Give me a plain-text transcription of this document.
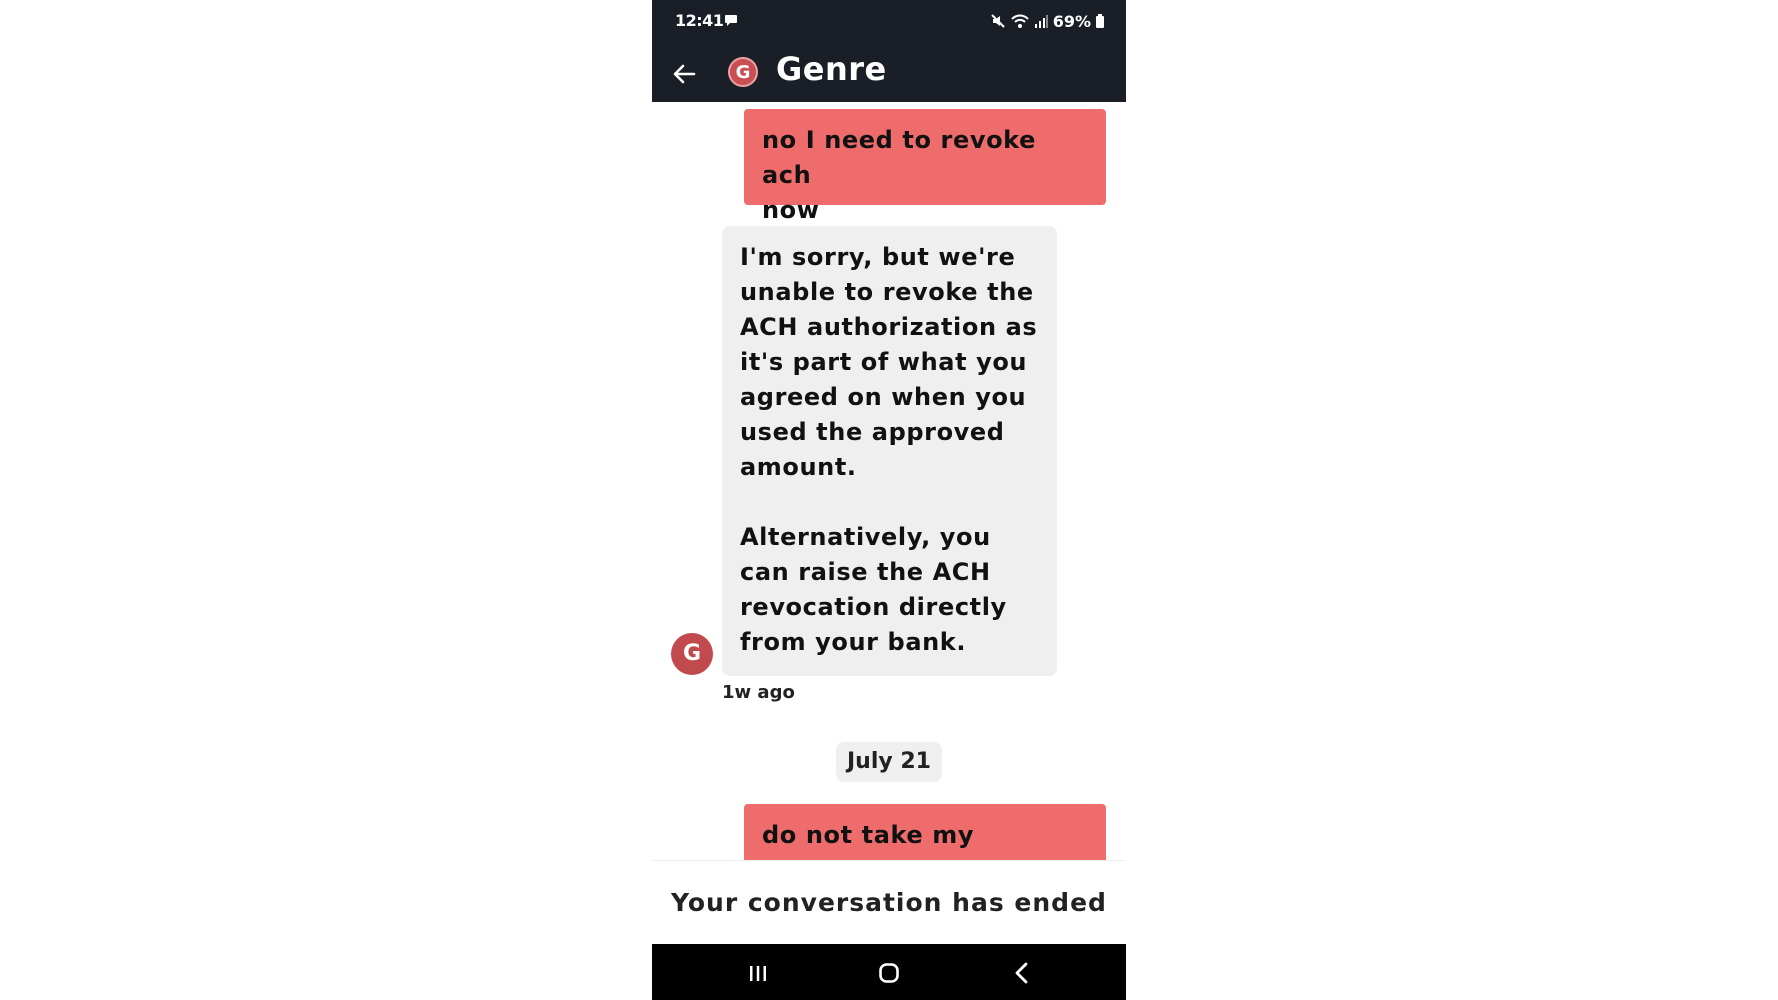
12:41	69%
G Genre
no I need to revoke ach
now
I'm sorry, but we're
unable to revoke the
ACH authorization as
it's part of what you
agreed on when you
used the approved
amount.

Alternatively, you
can raise the ACH
revocation directly
from your bank.
G
1w ago
July 21
do not take my
Your conversation has ended
